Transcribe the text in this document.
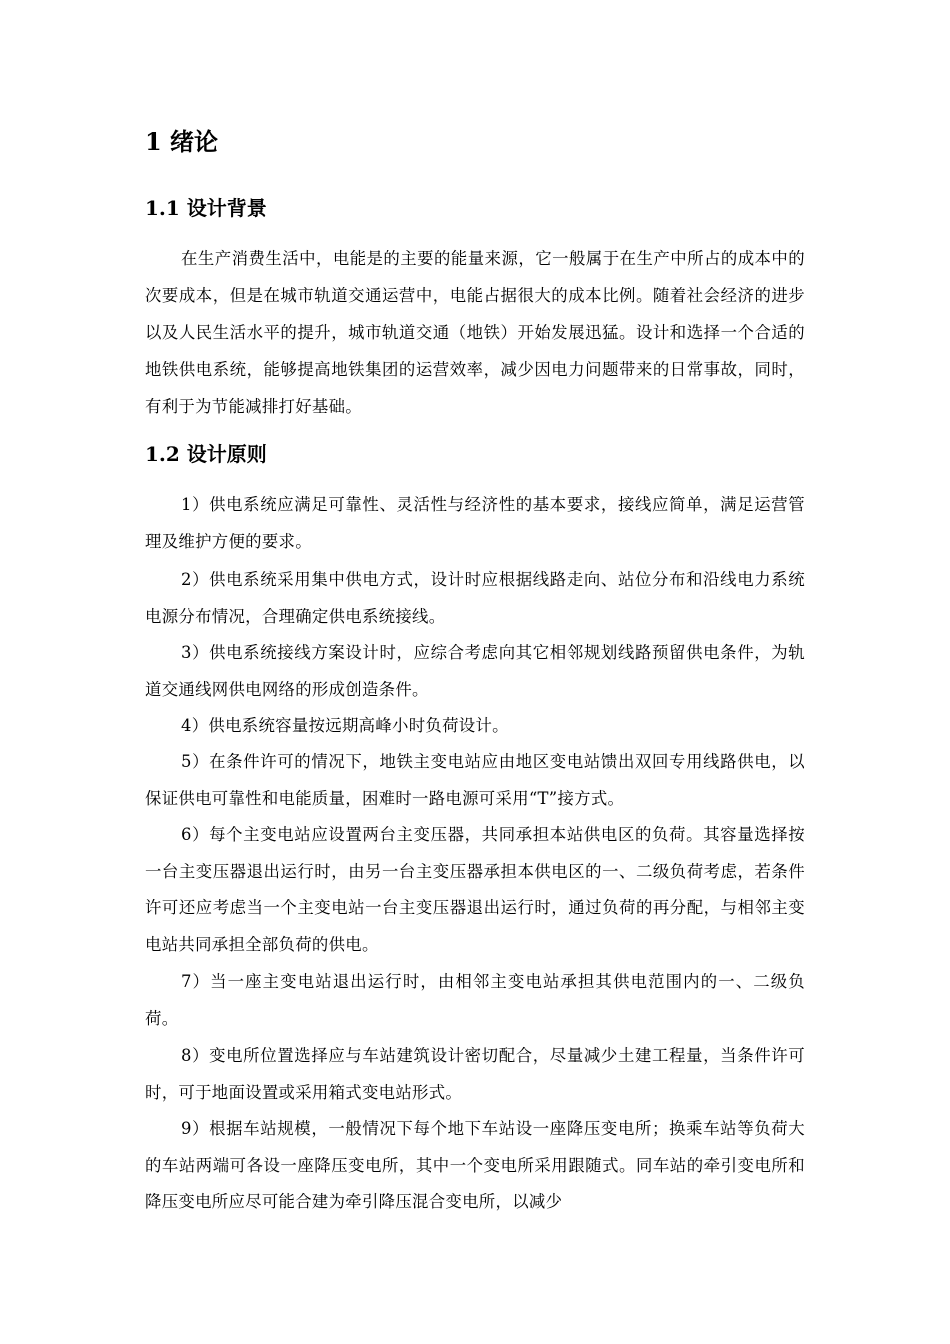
1 绪论
1.1 设计背景
在生产消费生活中，电能是的主要的能量来源，它一般属于在生产中所占的成本中的次要成本，但是在城市轨道交通运营中，电能占据很大的成本比例。随着社会经济的进步以及人民生活水平的提升，城市轨道交通（地铁）开始发展迅猛。设计和选择一个合适的地铁供电系统，能够提高地铁集团的运营效率，减少因电力问题带来的日常事故，同时，有利于为节能减排打好基础。
1.2 设计原则
1）供电系统应满足可靠性、灵活性与经济性的基本要求，接线应简单，满足运营管理及维护方便的要求。
2）供电系统采用集中供电方式，设计时应根据线路走向、站位分布和沿线电力系统电源分布情况，合理确定供电系统接线。
3）供电系统接线方案设计时，应综合考虑向其它相邻规划线路预留供电条件，为轨道交通线网供电网络的形成创造条件。
4）供电系统容量按远期高峰小时负荷设计。
5）在条件许可的情况下，地铁主变电站应由地区变电站馈出双回专用线路供电，以保证供电可靠性和电能质量，困难时一路电源可采用“T”接方式。
6）每个主变电站应设置两台主变压器，共同承担本站供电区的负荷。其容量选择按一台主变压器退出运行时，由另一台主变压器承担本供电区的一、二级负荷考虑，若条件许可还应考虑当一个主变电站一台主变压器退出运行时，通过负荷的再分配，与相邻主变电站共同承担全部负荷的供电。
7）当一座主变电站退出运行时，由相邻主变电站承担其供电范围内的一、二级负荷。
8）变电所位置选择应与车站建筑设计密切配合，尽量减少土建工程量，当条件许可时，可于地面设置或采用箱式变电站形式。
9）根据车站规模，一般情况下每个地下车站设一座降压变电所；换乘车站等负荷大的车站两端可各设一座降压变电所，其中一个变电所采用跟随式。同车站的牵引变电所和降压变电所应尽可能合建为牵引降压混合变电所，以减少
